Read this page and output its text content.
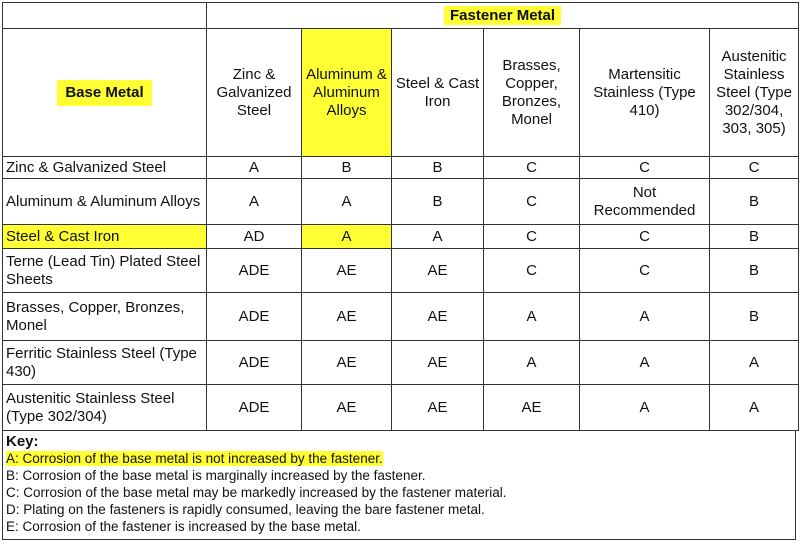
	Fastener Metal					
Base Metal	Zinc & Galvanized Steel	Aluminum & Aluminum Alloys	Steel & Cast Iron	Brasses, Copper, Bronzes, Monel	Martensitic Stainless (Type 410)	Austenitic Stainless Steel (Type 302/304, 303, 305)
Zinc & Galvanized Steel	A	B	B	C	C	C
Aluminum & Aluminum Alloys	A	A	B	C	Not Recommended	B
Steel & Cast Iron	AD	A	A	C	C	B
Terne (Lead Tin) Plated Steel Sheets	ADE	AE	AE	C	C	B
Brasses, Copper, Bronzes, Monel	ADE	AE	AE	A	A	B
Ferritic Stainless Steel (Type 430)	ADE	AE	AE	A	A	A
Austenitic Stainless Steel (Type 302/304)	ADE	AE	AE	AE	A	A
Key:
A: Corrosion of the base metal is not increased by the fastener.
B: Corrosion of the base metal is marginally increased by the fastener.
C: Corrosion of the base metal may be markedly increased by the fastener material.
D: Plating on the fasteners is rapidly consumed, leaving the bare fastener metal.
E: Corrosion of the fastener is increased by the base metal.
